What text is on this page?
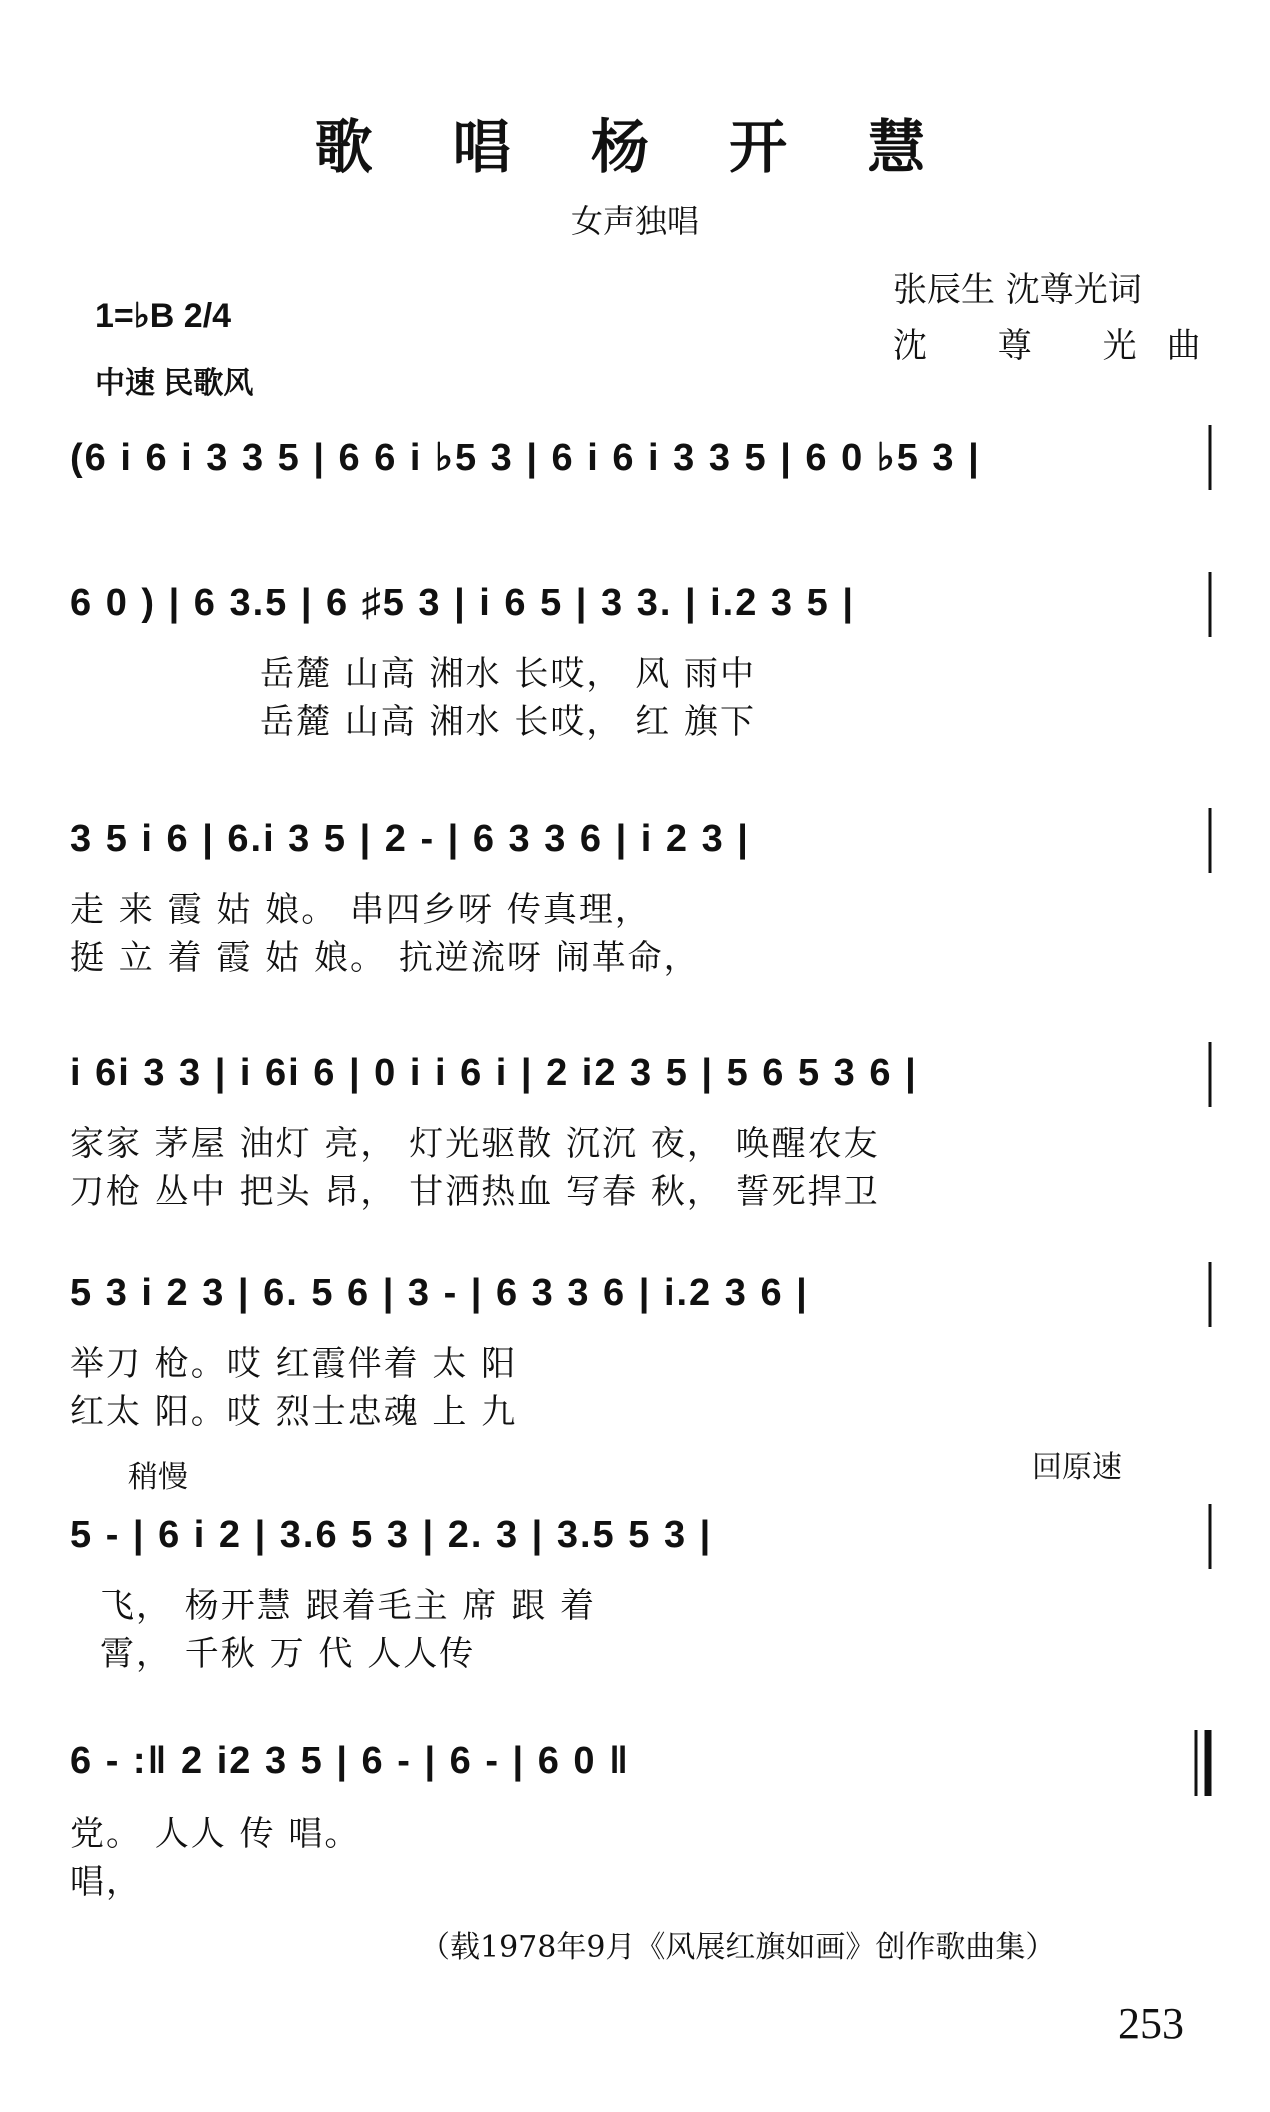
歌 唱 杨 开 慧
女声独唱
张辰生 沈尊光词
沈 尊 光曲
1=♭B 2/4
中速 民歌风
(6 i 6 i 3 3 5 | 6 6 i ♭5 3 | 6 i 6 i 3 3 5 | 6 0 ♭5 3 |
6 0 ) | 6 3.5 | 6 ♯5 3 | i 6 5 | 3 3. | i.2 3 5 |
岳麓 山高 湘水 长哎， 风 雨中
岳麓 山高 湘水 长哎， 红 旗下
3 5 i 6 | 6.i 3 5 | 2 - | 6 3 3 6 | i 2 3 |
走 来 霞 姑 娘。 串四乡呀 传真理，
挺 立 着 霞 姑 娘。 抗逆流呀 闹革命，
i 6i 3 3 | i 6i 6 | 0 i i 6 i | 2 i2 3 5 | 5 6 5 3 6 |
家家 茅屋 油灯 亮， 灯光驱散 沉沉 夜， 唤醒农友
刀枪 丛中 把头 昂， 甘洒热血 写春 秋， 誓死捍卫
5 3 i 2 3 | 6. 5 6 | 3 - | 6 3 3 6 | i.2 3 6 |
举刀 枪。哎 红霞伴着 太 阳
红太 阳。哎 烈士忠魂 上 九
稍慢	回原速
5 - | 6 i 2 | 3.6 5 3 | 2. 3 | 3.5 5 3 |
飞， 杨开慧 跟着毛主 席 跟 着
霄， 千秋 万 代 人人传
6 - :‖ 2 i2 3 5 | 6 - | 6 - | 6 0 ‖
党。 人人 传 唱。
唱，
（载1978年9月《风展红旗如画》创作歌曲集）
253
